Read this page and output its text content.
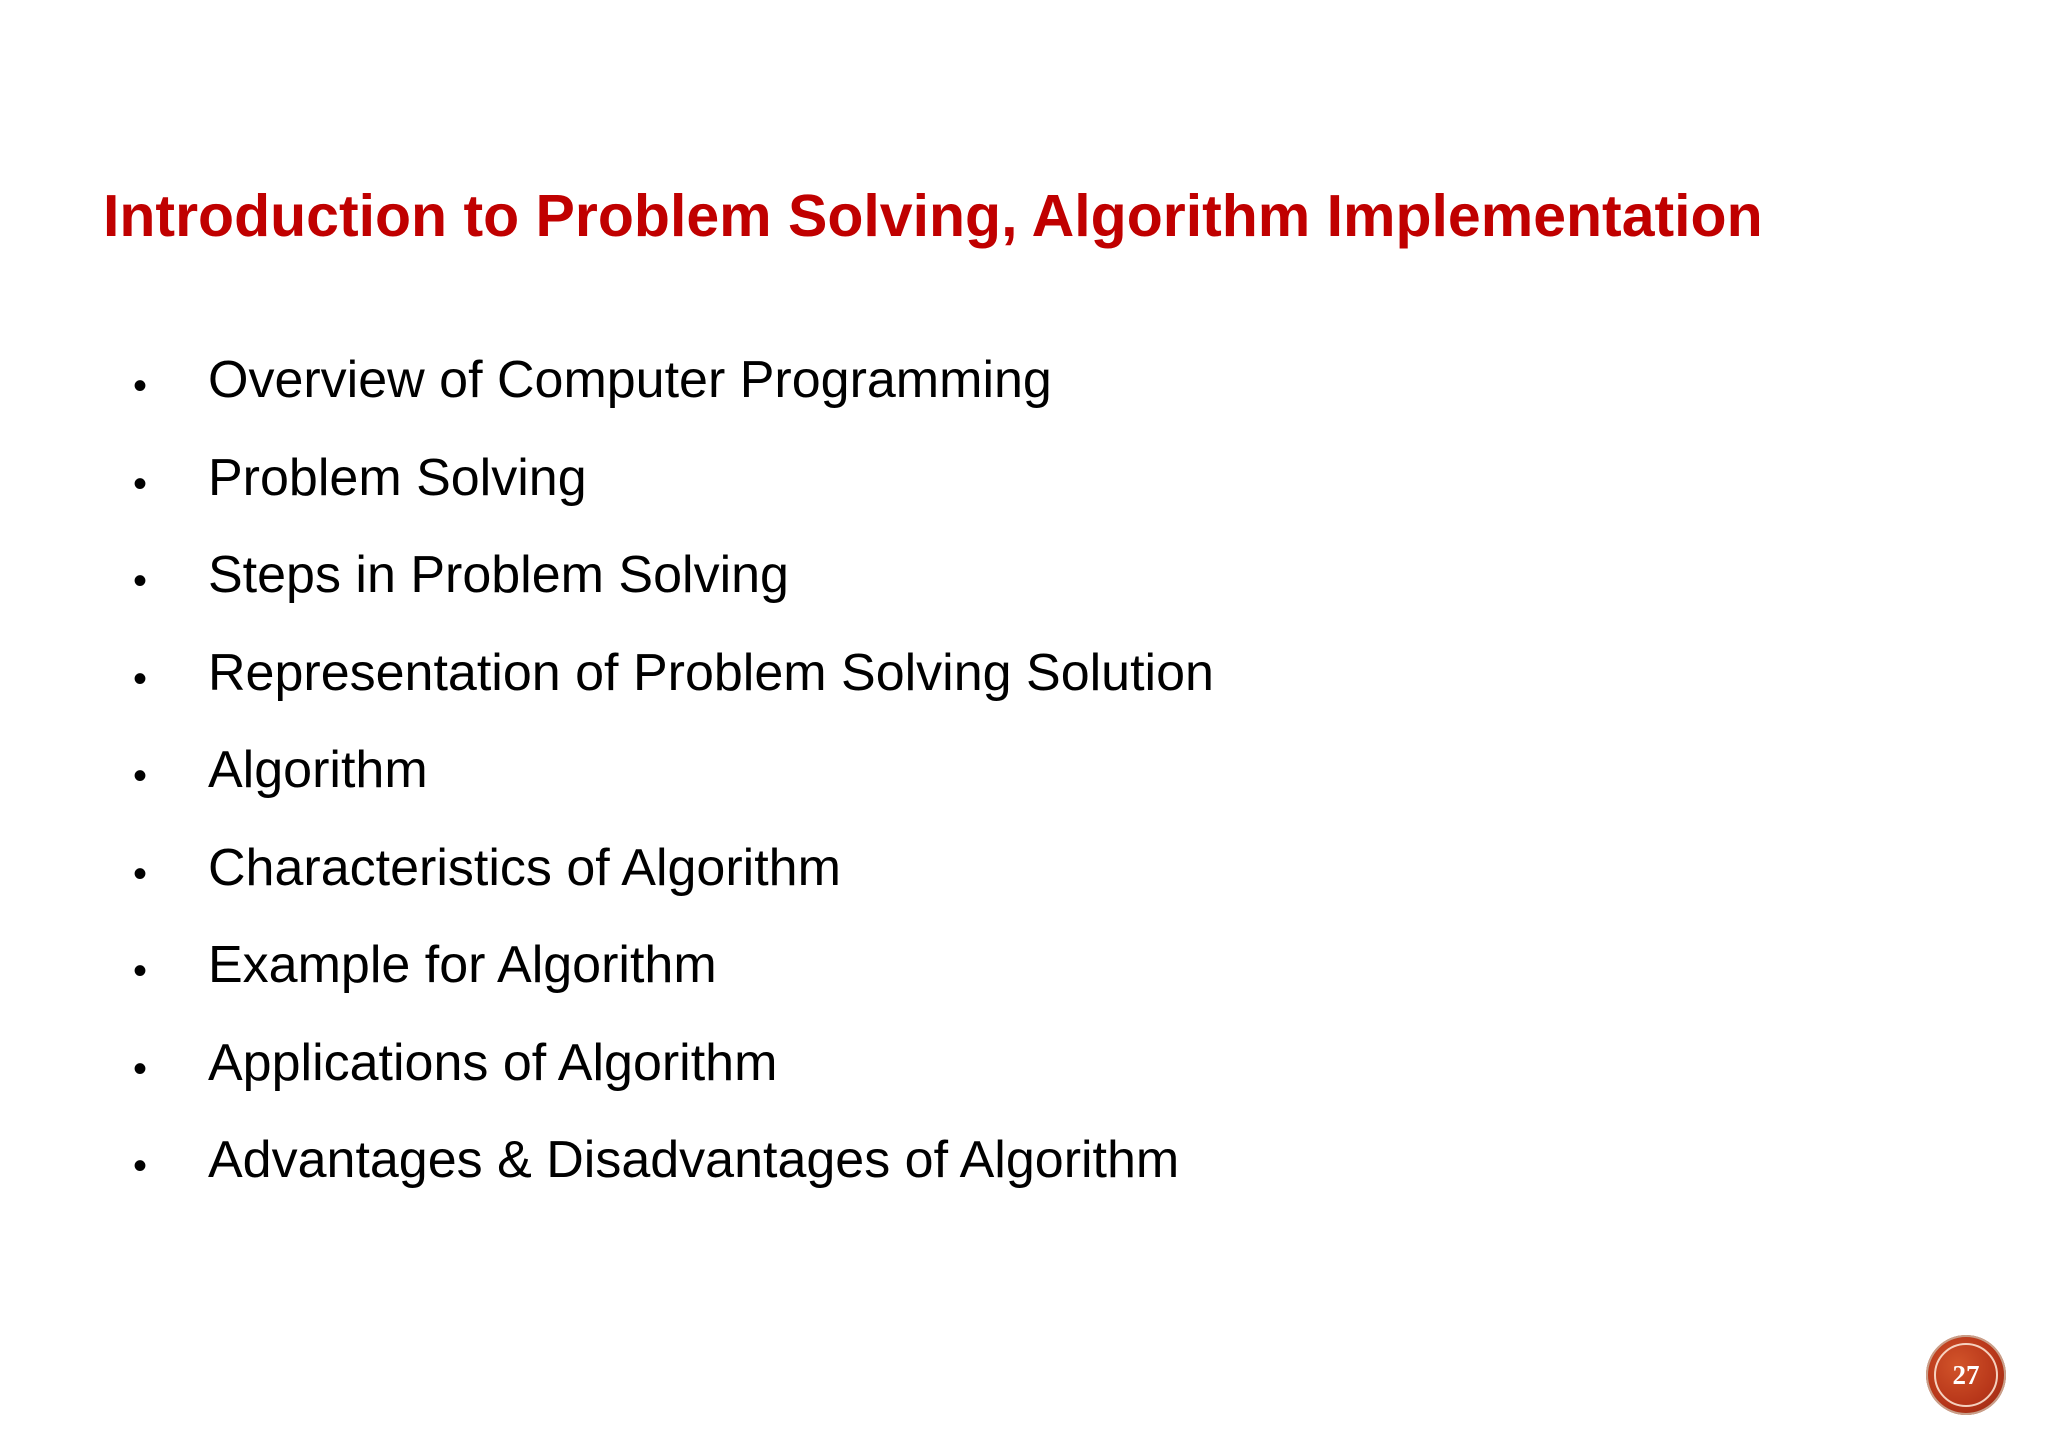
Introduction to Problem Solving, Algorithm Implementation
• Overview of Computer Programming
• Problem Solving
• Steps in Problem Solving
• Representation of Problem Solving Solution
• Algorithm
• Characteristics of Algorithm
• Example for Algorithm
• Applications of Algorithm
• Advantages & Disadvantages of Algorithm
27
